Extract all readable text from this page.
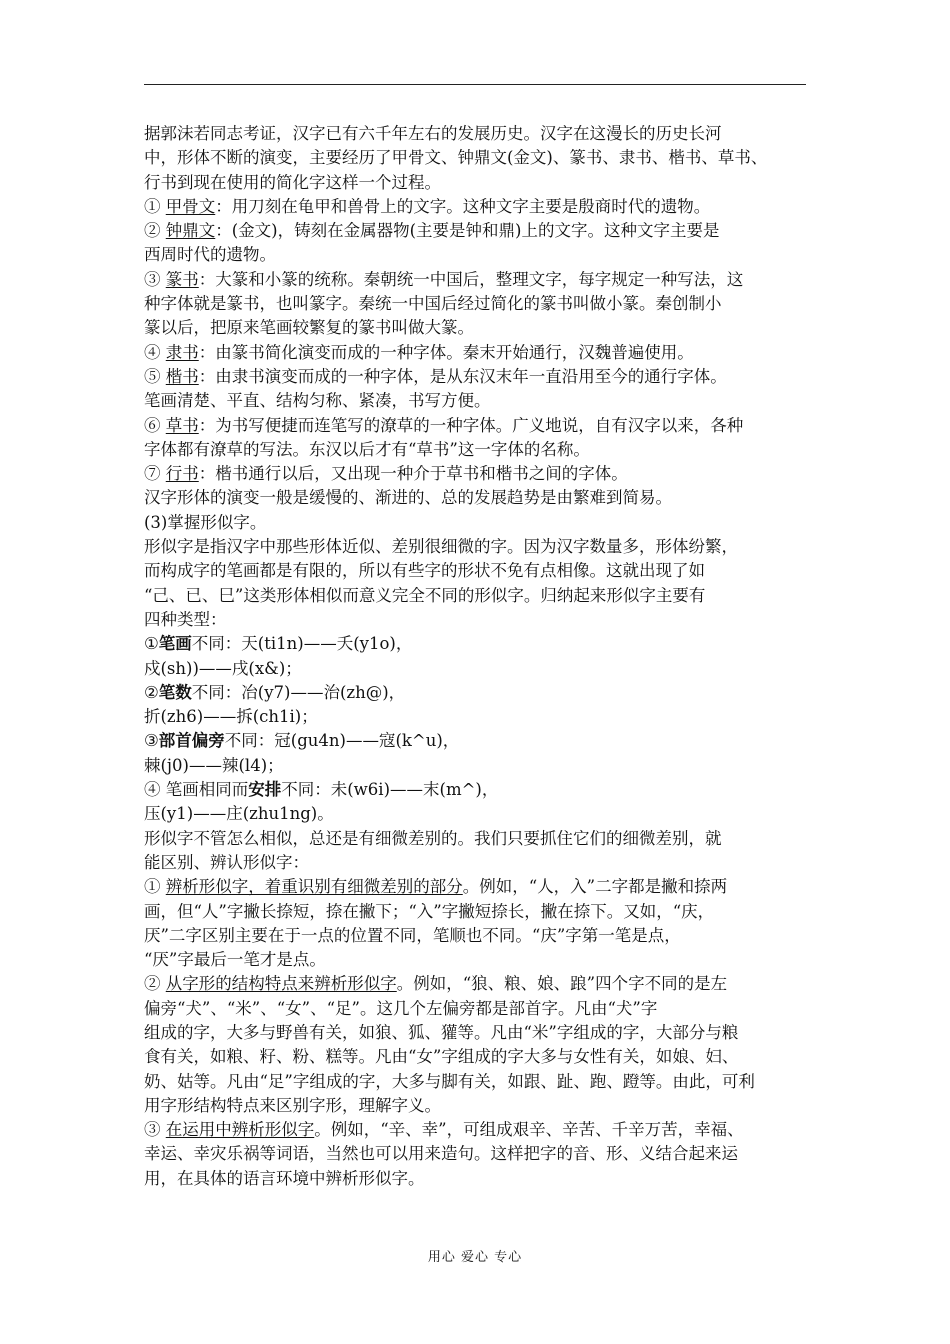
据郭沫若同志考证，汉字已有六千年左右的发展历史。汉字在这漫长的历史长河
中，形体不断的演变，主要经历了甲骨文、钟鼎文(金文)、篆书、隶书、楷书、草书、
行书到现在使用的简化字这样一个过程。
① 甲骨文：用刀刻在龟甲和兽骨上的文字。这种文字主要是殷商时代的遗物。
② 钟鼎文：(金文)，铸刻在金属器物(主要是钟和鼎)上的文字。这种文字主要是
西周时代的遗物。
③ 篆书：大篆和小篆的统称。秦朝统一中国后，整理文字，每字规定一种写法，这
种字体就是篆书，也叫篆字。秦统一中国后经过简化的篆书叫做小篆。秦创制小
篆以后，把原来笔画较繁复的篆书叫做大篆。
④ 隶书：由篆书简化演变而成的一种字体。秦末开始通行，汉魏普遍使用。
⑤ 楷书：由隶书演变而成的一种字体，是从东汉末年一直沿用至今的通行字体。
笔画清楚、平直、结构匀称、紧凑，书写方便。
⑥ 草书：为书写便捷而连笔写的潦草的一种字体。广义地说，自有汉字以来，各种
字体都有潦草的写法。东汉以后才有“草书”这一字体的名称。
⑦ 行书：楷书通行以后，又出现一种介于草书和楷书之间的字体。
汉字形体的演变一般是缓慢的、渐进的、总的发展趋势是由繁难到简易。
(3)掌握形似字。
形似字是指汉字中那些形体近似、差别很细微的字。因为汉字数量多，形体纷繁，
而构成字的笔画都是有限的，所以有些字的形状不免有点相像。这就出现了如
“己、已、巳”这类形体相似而意义完全不同的形似字。归纳起来形似字主要有
四种类型：
①笔画不同：天(ti1n)——夭(y1o)，
戍(sh))——戌(x&)；
②笔数不同：冶(y7)——治(zh@)，
折(zh6)——拆(ch1i)；
③部首偏旁不同：冠(gu4n)——寇(k^u)，
棘(j0)——辣(l4)；
④ 笔画相同而安排不同：未(w6i)——末(m^)，
压(y1)——庄(zhu1ng)。
形似字不管怎么相似，总还是有细微差别的。我们只要抓住它们的细微差别，就
能区别、辨认形似字：
① 辨析形似字，着重识别有细微差别的部分。例如，“人，入”二字都是撇和捺两
画，但“人”字撇长捺短，捺在撇下；“入”字撇短捺长，撇在捺下。又如，“庆，
厌”二字区别主要在于一点的位置不同，笔顺也不同。“庆”字第一笔是点，
“厌”字最后一笔才是点。
② 从字形的结构特点来辨析形似字。例如，“狼、粮、娘、踉”四个字不同的是左
偏旁“犬”、“米”、“女”、“足”。这几个左偏旁都是部首字。凡由“犬”字
组成的字，大多与野兽有关，如狼、狐、獾等。凡由“米”字组成的字，大部分与粮
食有关，如粮、籽、粉、糕等。凡由“女”字组成的字大多与女性有关，如娘、妇、
奶、姑等。凡由“足”字组成的字，大多与脚有关，如跟、趾、跑、蹬等。由此，可利
用字形结构特点来区别字形，理解字义。
③ 在运用中辨析形似字。例如，“辛、幸”，可组成艰辛、辛苦、千辛万苦，幸福、
幸运、幸灾乐祸等词语，当然也可以用来造句。这样把字的音、形、义结合起来运
用，在具体的语言环境中辨析形似字。
用心 爱心 专心
